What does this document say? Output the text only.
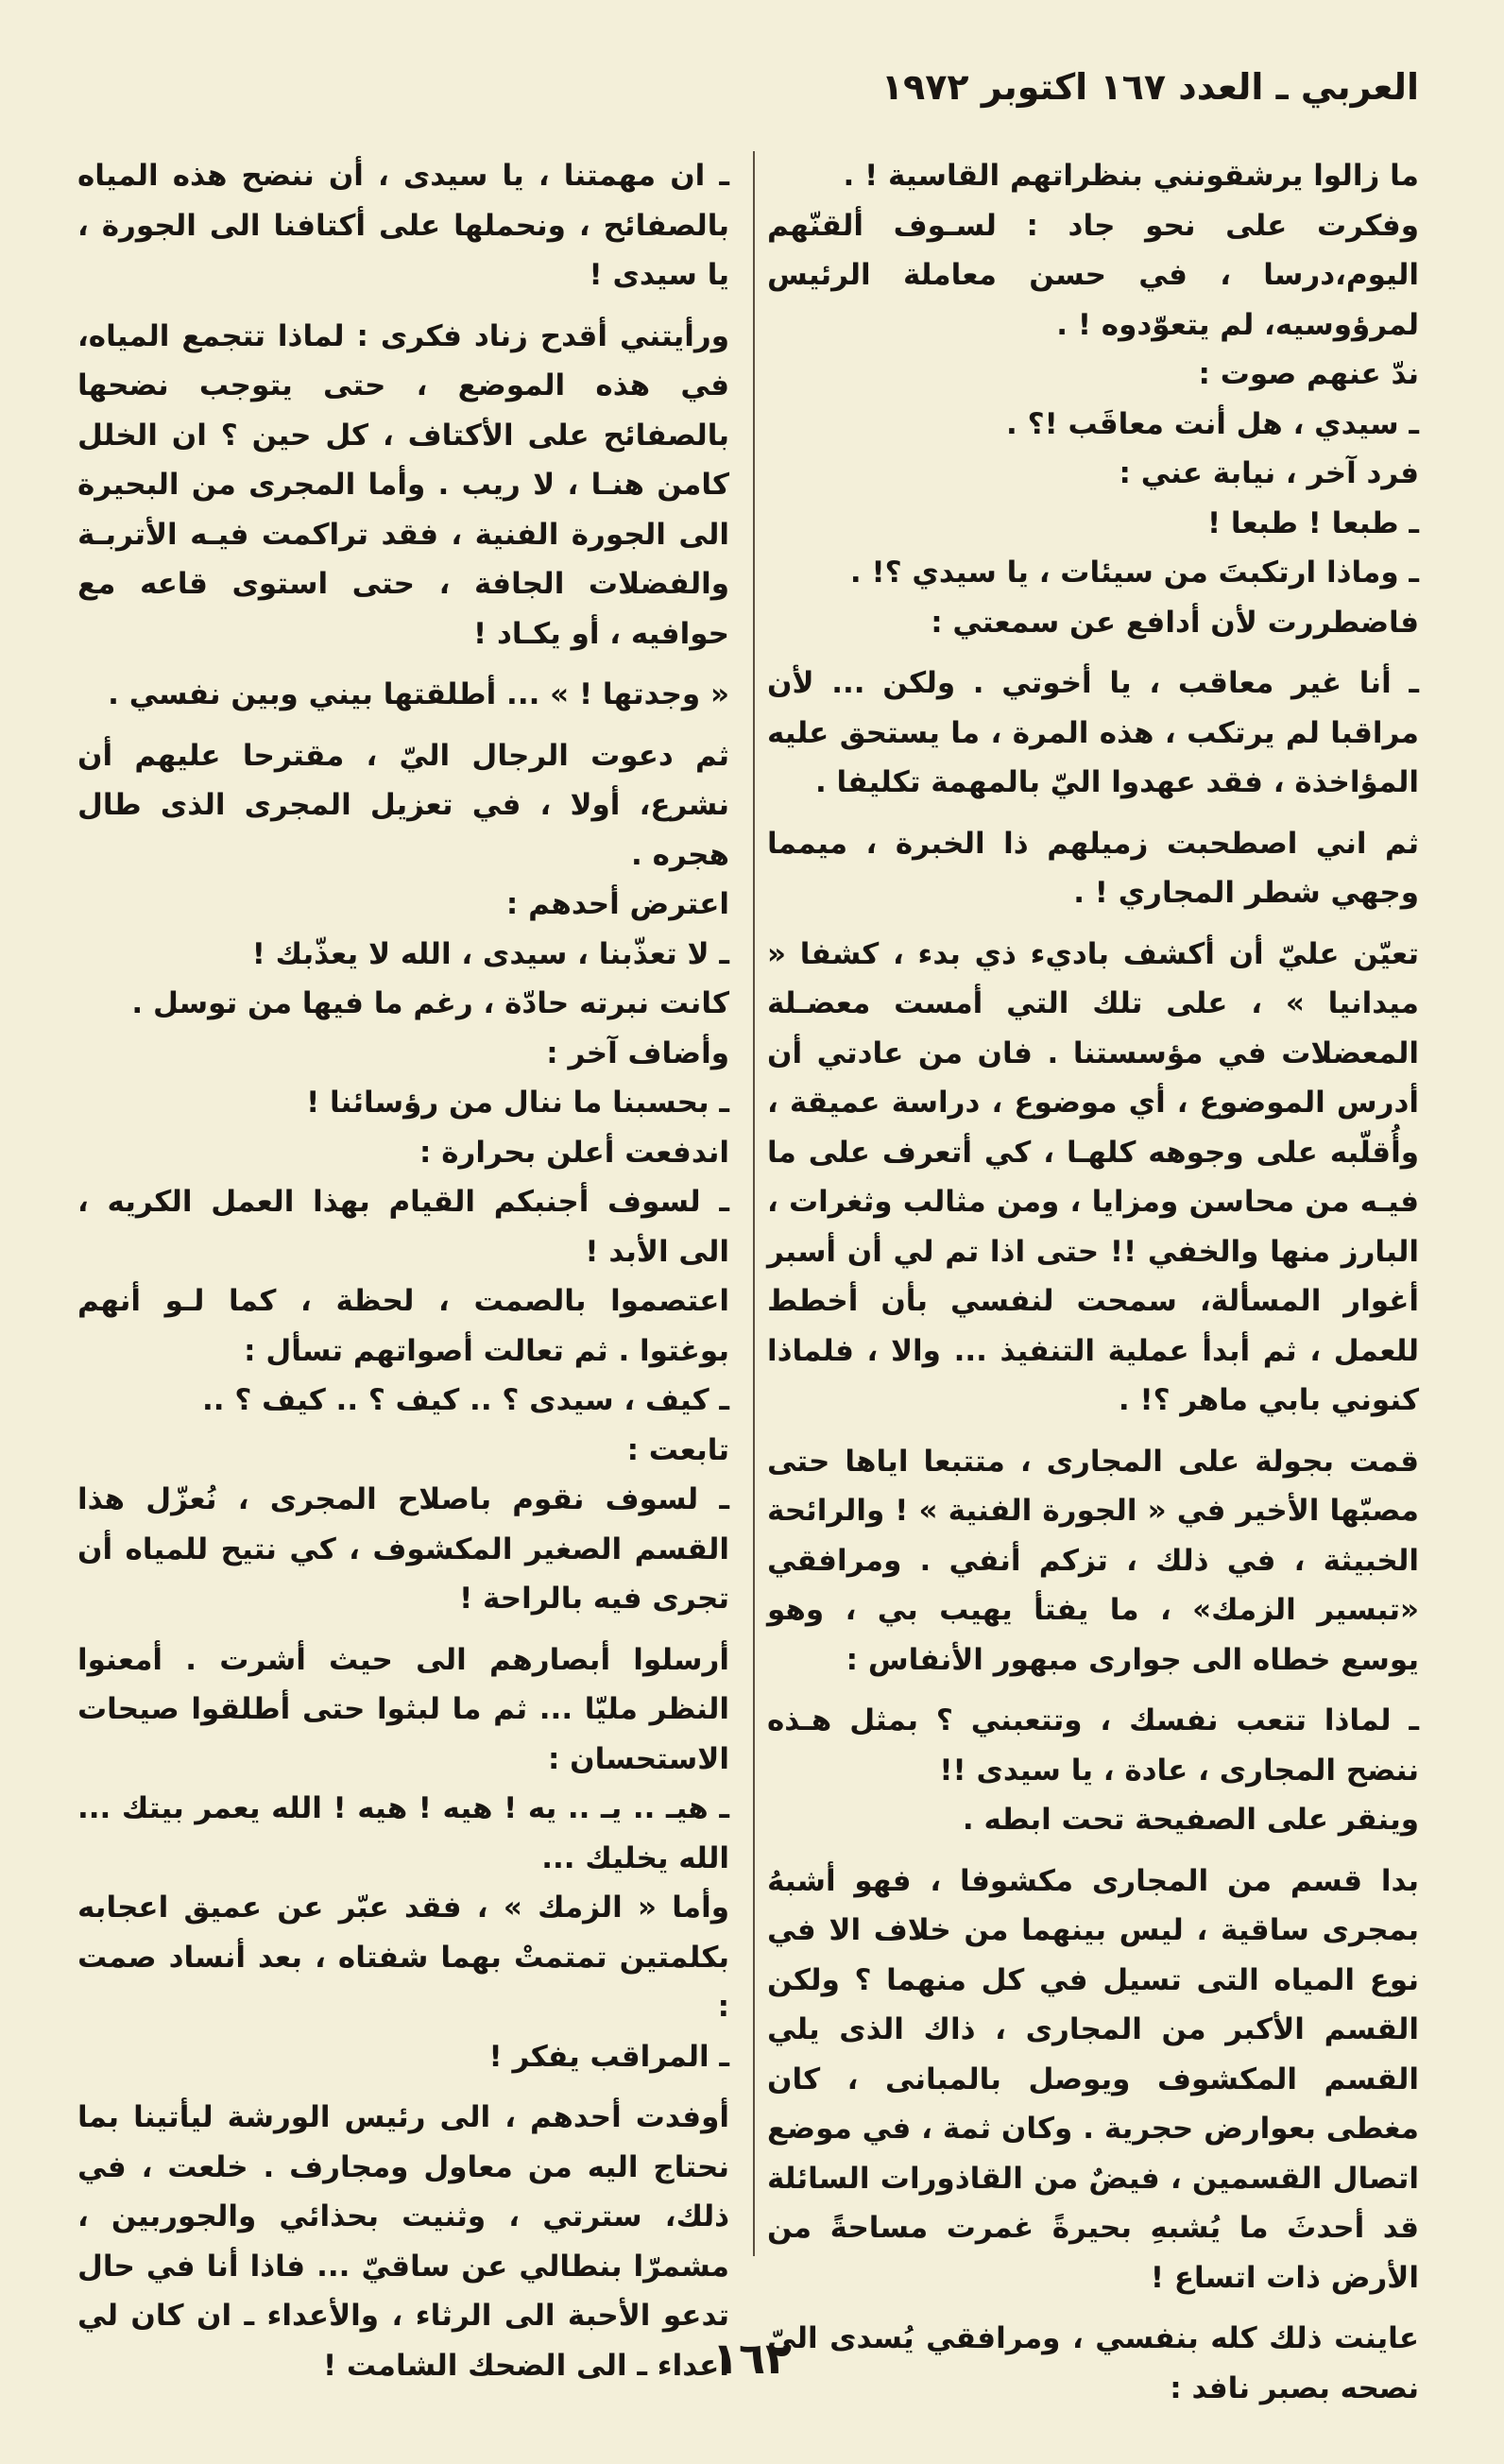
العربي ـ العدد ١٦٧ اكتوبر ١٩٧٢

ما زالوا يرشقونني بنظراتهم القاسية ! .

وفكرت على نحو جاد : لسـوف ألقنّهم اليوم،درسا ، في حسن معاملة الرئيس لمرؤوسيه، لم يتعوّدوه ! .

ندّ عنهم صوت :

ـ سيدي ، هل أنت معاقَب !؟ .

فرد آخر ، نيابة عني :

ـ طبعا ! طبعا !

ـ وماذا ارتكبتَ من سيئات ، يا سيدي ؟! .

فاضطررت لأن أدافع عن سمعتي :

ـ أنا غير معاقب ، يا أخوتي . ولكن ... لأن مراقبا لم يرتكب ، هذه المرة ، ما يستحق عليه المؤاخذة ، فقد عهدوا اليّ بالمهمة تكليفا .

ثم اني اصطحبت زميلهم ذا الخبرة ، ميمما وجهي شطر المجاري ! .

تعيّن عليّ أن أكشف باديء ذي بدء ، كشفا « ميدانيا » ، على تلك التي أمست معضـلة المعضلات في مؤسستنا . فان من عادتي أن أدرس الموضوع ، أي موضوع ، دراسة عميقة ، وأُقلّبه على وجوهه كلهـا ، كي أتعرف على ما فيـه من محاسن ومزايا ، ومن مثالب وثغرات ، البارز منها والخفي !! حتى اذا تم لي أن أسبر أغوار المسألة، سمحت لنفسي بأن أخطط للعمل ، ثم أبدأ عملية التنفيذ ... والا ، فلماذا كنوني بابي ماهر ؟! .

قمت بجولة على المجارى ، متتبعا اياها حتى مصبّها الأخير في « الجورة الفنية » ! والرائحة الخبيثة ، في ذلك ، تزكم أنفي . ومرافقي «تبسير الزمك» ، ما يفتأ يهيب بي ، وهو يوسع خطاه الى جوارى مبهور الأنفاس :

ـ لماذا تتعب نفسك ، وتتعبني ؟ بمثل هـذه ننضح المجارى ، عادة ، يا سيدى !!

وينقر على الصفيحة تحت ابطه .

بدا قسم من المجارى مكشوفا ، فهو أشبهُ بمجرى ساقية ، ليس بينهما من خلاف الا في نوع المياه التى تسيل في كل منهما ؟ ولكن القسم الأكبر من المجارى ، ذاك الذى يلي القسم المكشوف ويوصل بالمبانى ، كان مغطى بعوارض حجرية . وكان ثمة ، في موضع اتصال القسمين ، فيضٌ من القاذورات السائلة قد أحدثَ ما يُشبهِ بحيرةً غمرت مساحةً من الأرض ذات اتساع !

عاينت ذلك كله بنفسي ، ومرافقي يُسدى اليّ نصحه بصبر نافد :

ـ ان مهمتنا ، يا سيدى ، أن ننضح هذه المياه بالصفائح ، ونحملها على أكتافنا الى الجورة ، يا سيدى !

ورأيتني أقدح زناد فكرى : لماذا تتجمع المياه، في هذه الموضع ، حتى يتوجب نضحها بالصفائح على الأكتاف ، كل حين ؟ ان الخلل كامن هنـا ، لا ريب . وأما المجرى من البحيرة الى الجورة الفنية ، فقد تراكمت فيـه الأتربـة والفضلات الجافة ، حتى استوى قاعه مع حوافيه ، أو يكـاد !

« وجدتها ! » ... أطلقتها بيني وبين نفسي .

ثم دعوت الرجال اليّ ، مقترحا عليهم أن نشرع، أولا ، في تعزيل المجرى الذى طال هجره .

اعترض أحدهم :

ـ لا تعذّبنا ، سيدى ، الله لا يعذّبك !

كانت نبرته حادّة ، رغم ما فيها من توسل .

وأضاف آخر :

ـ بحسبنا ما ننال من رؤسائنا !

اندفعت أعلن بحرارة :

ـ لسوف أجنبكم القيام بهذا العمل الكريه ، الى الأبد !

اعتصموا بالصمت ، لحظة ، كما لـو أنهم بوغتوا . ثم تعالت أصواتهم تسأل :

ـ كيف ، سيدى ؟ .. كيف ؟ .. كيف ؟ ..

تابعت :

ـ لسوف نقوم باصلاح المجرى ، نُعزّل هذا القسم الصغير المكشوف ، كي نتيح للمياه أن تجرى فيه بالراحة !

أرسلوا أبصارهم الى حيث أشرت . أمعنوا النظر مليّا ... ثم ما لبثوا حتى أطلقوا صيحات الاستحسان :

ـ هيـ .. يـ .. يه ! هيه ! هيه ! الله يعمر بيتك ... الله يخليك ...

وأما « الزمك » ، فقد عبّر عن عميق اعجابه بكلمتين تمتمتْ بهما شفتاه ، بعد أنساد صمت :

ـ المراقب يفكر !

أوفدت أحدهم ، الى رئيس الورشة ليأتينا بما نحتاج اليه من معاول ومجارف . خلعت ، في ذلك، سترتي ، وثنيت بحذائي والجوربين ، مشمرّا بنطالي عن ساقيّ ... فاذا أنا في حال تدعو الأحبة الى الرثاء ، والأعداء ـ ان كان لي أعداء ـ الى الضحك الشامت !

١٦٢
